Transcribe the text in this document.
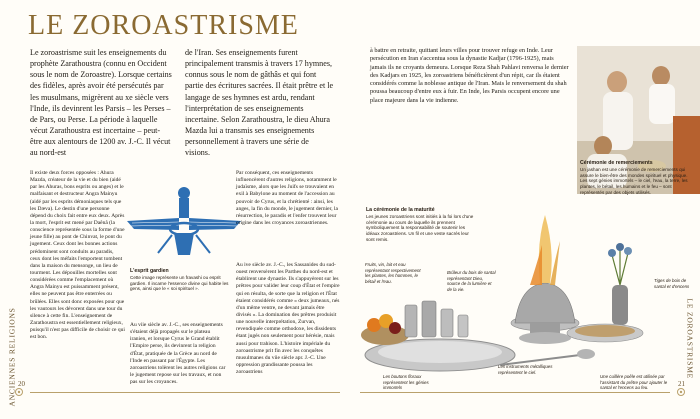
LE ZOROASTRISME
Le zoroastrisme suit les enseignements du prophète Zarathoustra (connu en Occident sous le nom de Zoroastre). Lorsque certains des fidèles, après avoir été persécutés par les musulmans, migrèrent au xe siècle vers l'Inde, ils devinrent les Parsis – les Perses – de Pars, ou Perse. La période à laquelle vécut Zarathoustra est incertaine – peut-être aux alentours de 1200 av. J.-C. Il vécut au nord-est
de l'Iran. Ses enseignements furent principalement transmis à travers 17 hymnes, connus sous le nom de gâthâs et qui font partie des écritures sacrées. Il était prêtre et le langage de ses hymnes est ardu, rendant l'interprétation de ses enseignements incertaine. Selon Zarathoustra, le dieu Ahura Mazda lui a transmis ses enseignements personnellement à travers une série de visions.
à battre en retraite, quittant leurs villes pour trouver refuge en Inde. Leur persécution en Iran s'accentua sous la dynastie Kadjar (1796-1925), mais jamais ils ne croyants demeura. Lorsque Reza Shah Pahlavi renversa le dernier des Kadjars en 1925, les zoroastriens bénéficièrent d'un répit, car ils étaient considérés comme la noblesse antique de l'Iran. Mais le renversement du shah poussa beaucoup d'entre eux à fuir. En Inde, les Parsis occupent encore une place majeure dans la vie indienne.
Il existe deux forces opposées : Ahura Mazda, créateur de la vie et du bien (aidé par les Ahuras, bons esprits ou anges) et le malfaisant et destructeur Angra Mainyu (aidé par les esprits démoniaques tels que les Dæva). Le destin d'une personne dépend du choix fait entre eux deux. Après la mort, l'esprit est mené par Daênâ (la conscience représentée sous la forme d'une jeune fille) au pont de Chinvat, le pont du jugement. Ceux dont les bonnes actions prédominent sont conduits au paradis, ceux dont les méfaits l'emportent tombent dans la maison du mensonge, un lieu de tourment. Les dépouilles mortelles sont considérées comme l'emplacement où Angra Mainyu est puissamment présent, elles ne peuvent pas être enterrées ou brûlées. Elles sont donc exposées pour que les vautours les dévorent dans une tour du silence à cette fin. L'enseignement de Zarathoustra est essentiellement religieux, puisqu'il n'est pas difficile de choisir ce qui est bon.
L'esprit gardien
Cette image représente un fravashi ou esprit gardien. Il incarne l'essence divine qui habite les gens, ainsi que le « soi spirituel ».
Au viie siècle av. J.-C., ses enseignements s'étaient déjà propagés sur le plateau iranien, et lorsque Cyrus le Grand établit l'Empire perse, ils devinrent la religion d'État, pratiquée de la Grèce au nord de l'Inde en passant par l'Égypte. Les zoroastriens tolèrent les autres religions car le jugement repose sur les travaux, et non pas sur les croyances.
Par conséquent, ces enseignements influencèrent d'autres religions, notamment le judaïsme, alors que les Juifs se trouvaient en exil à Babylone au moment de l'accession au pouvoir de Cyrus, et la chrétienté : ainsi, les anges, la fin du monde, le jugement dernier, la résurrection, le paradis et l'enfer trouvent leur origine dans les croyances zoroastriennes.
Au ive siècle av. J.-C., les Sassanides du sud-ouest renversèrent les Parthes du nord-est et établirent une dynastie. Ils s'appuyèrent sur les prêtres pour valider leur coup d'État et l'empire qui en résulta, de sorte que la religion et l'État étaient considérés comme « deux jumeaux, nés d'un même ventre, ne devant jamais être divisés ». La domination des prêtres produisit une nouvelle interprétation, Zurvan, revendiquée comme orthodoxe, les dissidents étant jugés non seulement pour hérésie, mais aussi pour trahison. L'histoire impériale du zoroastrisme prit fin avec les conquêtes musulmanes du viie siècle apr. J.-C. Une oppression grandissante poussa les zoroastriens
La cérémonie de la maturité
Les jeunes zoroastriens sont initiés à la foi lors d'une cérémonie au cours de laquelle ils prennent symboliquement la responsabilité de soutenir les idéaux zoroastriens. Un fil et une veste sacrés leur sont remis.
Cérémonie de remerciements
Un jashan est une cérémonie de remerciements qui assure le bien-être des mondes spirituel et physique. Les sept génies immortels – le ciel, l'eau, la terre, les plantes, le bétail, les humains et le feu – sont représentés par des objets utilisés.
Fruits, vin, lait et eau représentant respectivement les plantes, les hommes, le bétail et l'eau.
Brûleur du bois de santal représentant Dieu, source de la lumière et de la vie.
Tiges de bois de santal et d'encens
Les boutons floraux représentent les génies immortels
Les instruments métalliques représentent le ciel.
Une cuillère poêle est utilisée par l'assistant du prêtre pour ajouter le santal et l'encens au feu.
ANCIENNES RELIGIONS	LE ZOROASTRISME
20	21
